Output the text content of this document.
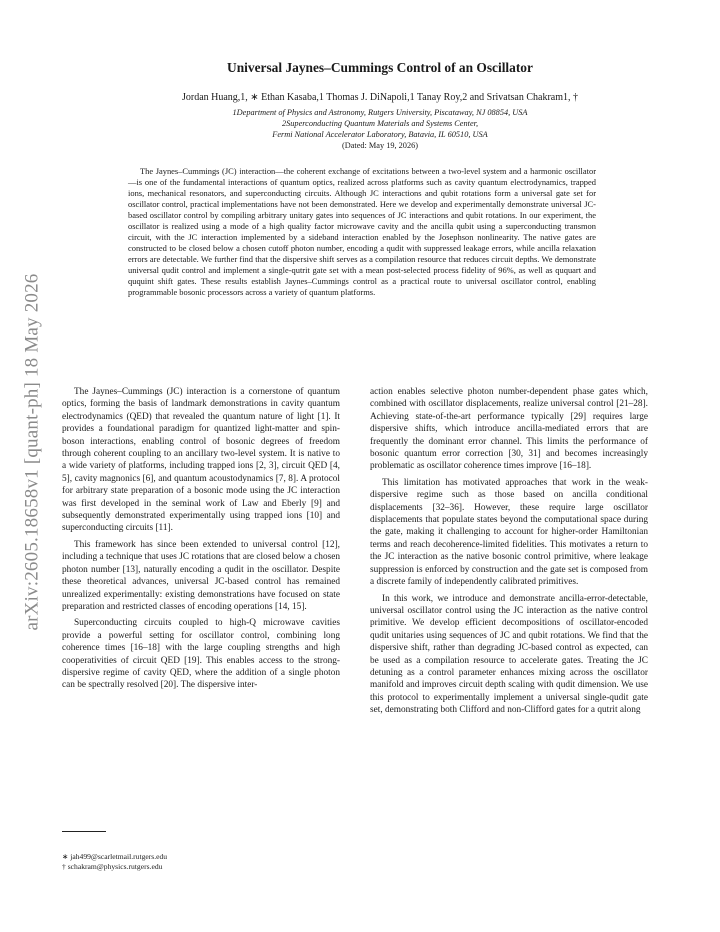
arXiv:2605.18658v1 [quant-ph] 18 May 2026

Universal Jaynes–Cummings Control of an Oscillator

Jordan Huang,1, ∗ Ethan Kasaba,1 Thomas J. DiNapoli,1 Tanay Roy,2 and Srivatsan Chakram1, †
1Department of Physics and Astronomy, Rutgers University, Piscataway, NJ 08854, USA
2Superconducting Quantum Materials and Systems Center,
Fermi National Accelerator Laboratory, Batavia, IL 60510, USA
(Dated: May 19, 2026)
The Jaynes–Cummings (JC) interaction—the coherent exchange of excitations between a two-level system and a harmonic oscillator—is one of the fundamental interactions of quantum optics, realized across platforms such as cavity quantum electrodynamics, trapped ions, mechanical resonators, and superconducting circuits. Although JC interactions and qubit rotations form a universal gate set for oscillator control, practical implementations have not been demonstrated. Here we develop and experimentally demonstrate universal JC-based oscillator control by compiling arbitrary unitary gates into sequences of JC interactions and qubit rotations. In our experiment, the oscillator is realized using a mode of a high quality factor microwave cavity and the ancilla qubit using a superconducting transmon circuit, with the JC interaction implemented by a sideband interaction enabled by the Josephson nonlinearity. The native gates are constructed to be closed below a chosen cutoff photon number, encoding a qudit with suppressed leakage errors, while ancilla relaxation errors are detectable. We further find that the dispersive shift serves as a compilation resource that reduces circuit depths. We demonstrate universal qudit control and implement a single-qutrit gate set with a mean post-selected process fidelity of 96%, as well as ququart and ququint shift gates. These results establish Jaynes–Cummings control as a practical route to universal oscillator control, enabling programmable bosonic processors across a variety of quantum platforms.

The Jaynes–Cummings (JC) interaction is a cornerstone of quantum optics, forming the basis of landmark demonstrations in cavity quantum electrodynamics (QED) that revealed the quantum nature of light [1]. It provides a foundational paradigm for quantized light-matter and spin-boson interactions, enabling control of bosonic degrees of freedom through coherent coupling to an ancillary two-level system. It is native to a wide variety of platforms, including trapped ions [2, 3], circuit QED [4, 5], cavity magnonics [6], and quantum acoustodynamics [7, 8]. A protocol for arbitrary state preparation of a bosonic mode using the JC interaction was first developed in the seminal work of Law and Eberly [9] and subsequently demonstrated experimentally using trapped ions [10] and superconducting circuits [11].

This framework has since been extended to universal control [12], including a technique that uses JC rotations that are closed below a chosen photon number [13], naturally encoding a qudit in the oscillator. Despite these theoretical advances, universal JC-based control has remained unrealized experimentally: existing demonstrations have focused on state preparation and restricted classes of encoding operations [14, 15].

Superconducting circuits coupled to high-Q microwave cavities provide a powerful setting for oscillator control, combining long coherence times [16–18] with the large coupling strengths and high cooperativities of circuit QED [19]. This enables access to the strong-dispersive regime of cavity QED, where the addition of a single photon can be spectrally resolved [20]. The dispersive inter-

action enables selective photon number-dependent phase gates which, combined with oscillator displacements, realize universal control [21–28]. Achieving state-of-the-art performance typically [29] requires large dispersive shifts, which introduce ancilla-mediated errors that are frequently the dominant error channel. This limits the performance of bosonic quantum error correction [30, 31] and becomes increasingly problematic as oscillator coherence times improve [16–18].

This limitation has motivated approaches that work in the weak-dispersive regime such as those based on ancilla conditional displacements [32–36]. However, these require large oscillator displacements that populate states beyond the computational space during the gate, making it challenging to account for higher-order Hamiltonian terms and reach decoherence-limited fidelities. This motivates a return to the JC interaction as the native bosonic control primitive, where leakage suppression is enforced by construction and the gate set is composed from a discrete family of independently calibrated primitives.

In this work, we introduce and demonstrate ancilla-error-detectable, universal oscillator control using the JC interaction as the native control primitive. We develop efficient decompositions of oscillator-encoded qudit unitaries using sequences of JC and qubit rotations. We find that the dispersive shift, rather than degrading JC-based control as expected, can be used as a compilation resource to accelerate gates. Treating the JC detuning as a control parameter enhances mixing across the oscillator manifold and improves circuit depth scaling with qudit dimension. We use this protocol to experimentally implement a universal single-qudit gate set, demonstrating both Clifford and non-Clifford gates for a qutrit along

∗ jah499@scarletmail.rutgers.edu
† schakram@physics.rutgers.edu
